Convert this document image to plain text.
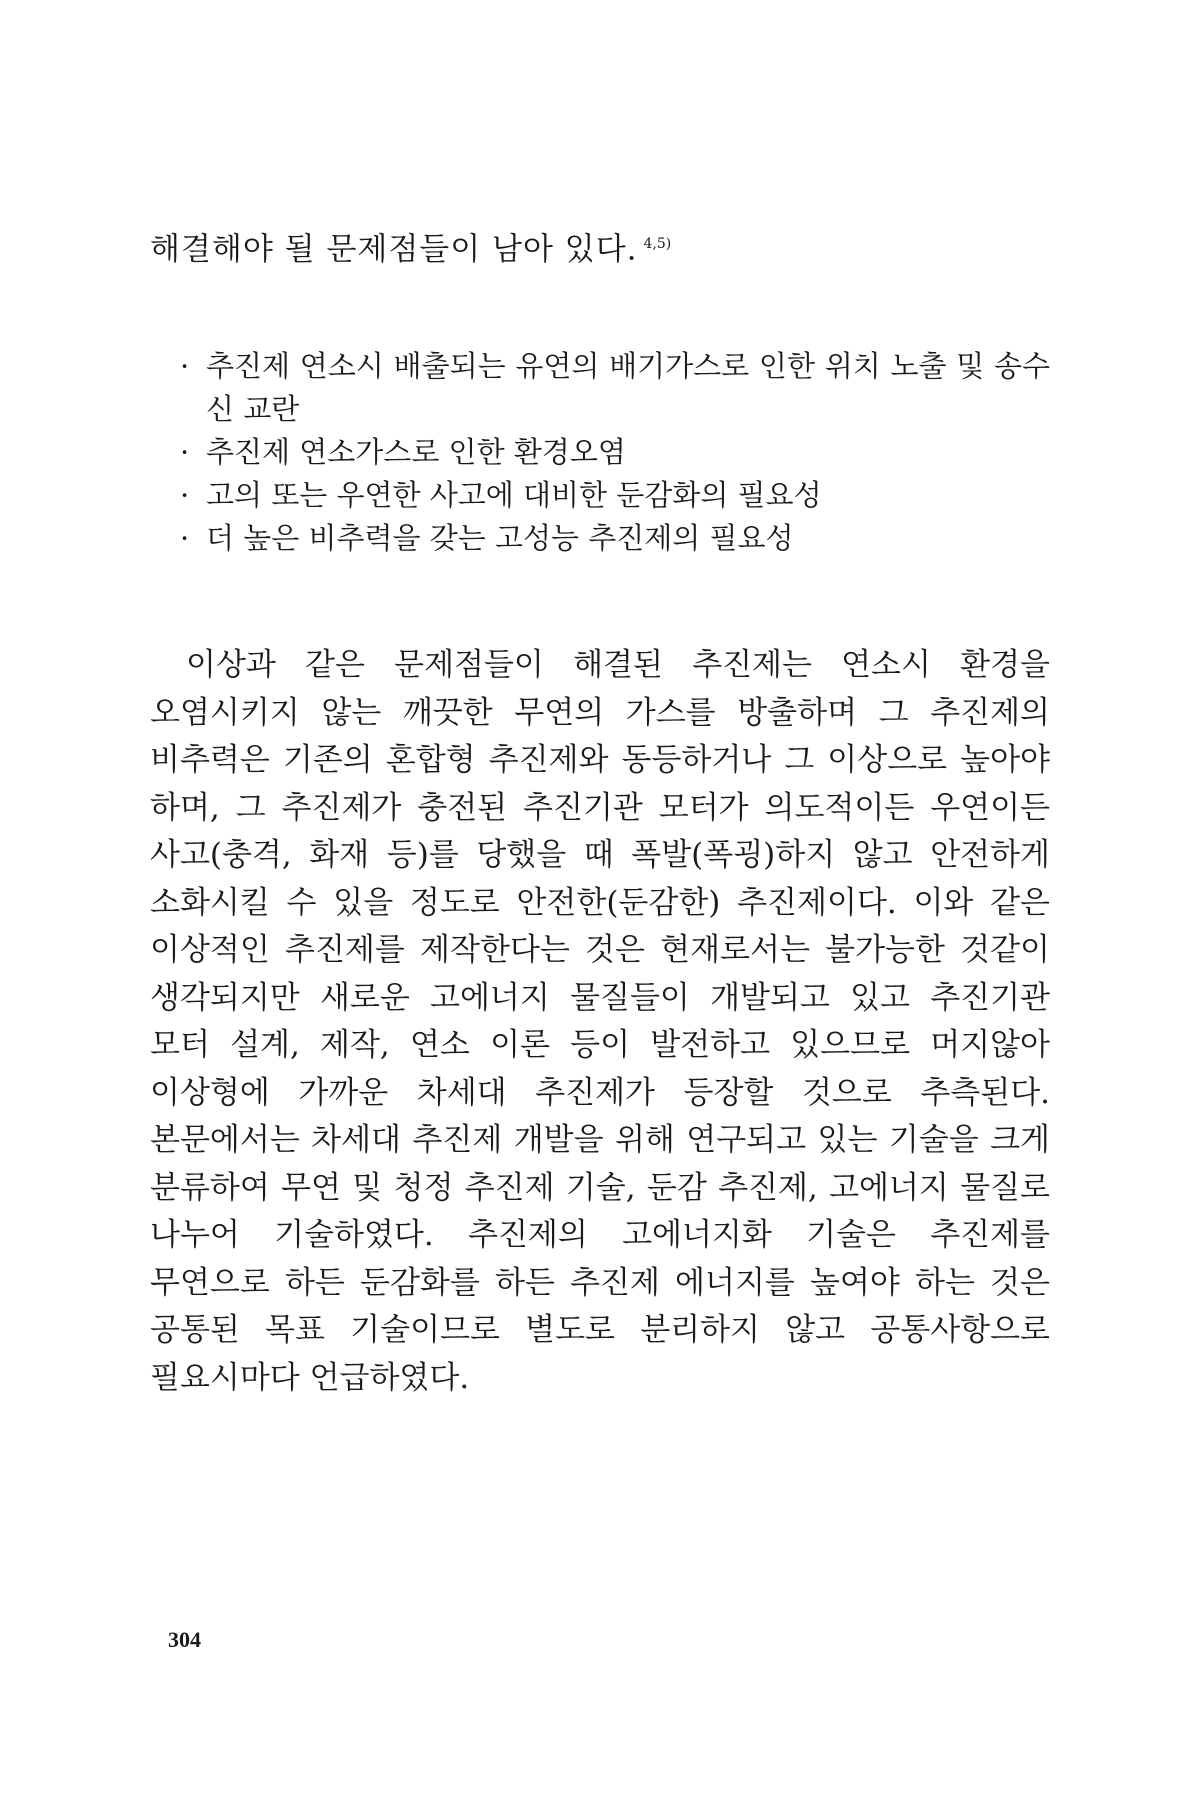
해결해야 될 문제점들이 남아 있다. $^{4,5)}$
· 추진제 연소시 배출되는 유연의 배기가스로 인한 위치 노출 및 송수신 교란
· 추진제 연소가스로 인한 환경오염
· 고의 또는 우연한 사고에 대비한 둔감화의 필요성
· 더 높은 비추력을 갖는 고성능 추진제의 필요성

이상과 같은 문제점들이 해결된 추진제는 연소시 환경을 오염시키지 않는 깨끗한 무연의 가스를 방출하며 그 추진제의 비추력은 기존의 혼합형 추진제와 동등하거나 그 이상으로 높아야 하며, 그 추진제가 충전된 추진기관 모터가 의도적이든 우연이든 사고(충격, 화재 등)를 당했을 때 폭발(폭굉)하지 않고 안전하게 소화시킬 수 있을 정도로 안전한(둔감한) 추진제이다. 이와 같은 이상적인 추진제를 제작한다는 것은 현재로서는 불가능한 것같이 생각되지만 새로운 고에너지 물질들이 개발되고 있고 추진기관 모터 설계, 제작, 연소 이론 등이 발전하고 있으므로 머지않아 이상형에 가까운 차세대 추진제가 등장할 것으로 추측된다. 본문에서는 차세대 추진제 개발을 위해 연구되고 있는 기술을 크게 분류하여 무연 및 청정 추진제 기술, 둔감 추진제, 고에너지 물질로 나누어 기술하였다. 추진제의 고에너지화 기술은 추진제를 무연으로 하든 둔감화를 하든 추진제 에너지를 높여야 하는 것은 공통된 목표 기술이므로 별도로 분리하지 않고 공통사항으로 필요시마다 언급하였다.

304
